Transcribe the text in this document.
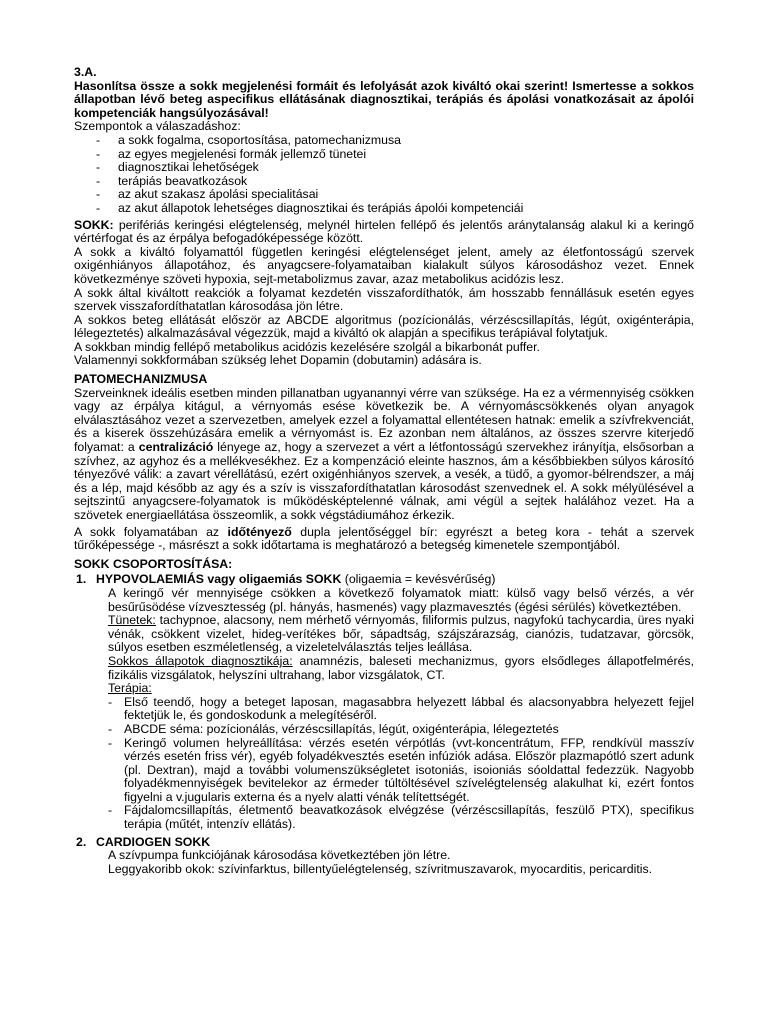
3.A.

Hasonlítsa össze a sokk megjelenési formáit és lefolyását azok kiváltó okai szerint! Ismertesse a sokkos állapotban lévő beteg aspecifikus ellátásának diagnosztikai, terápiás és ápolási vonatkozásait az ápolói kompetenciák hangsúlyozásával!

Szempontok a válaszadáshoz:

- a sokk fogalma, csoportosítása, patomechanizmusa
- az egyes megjelenési formák jellemző tünetei
- diagnosztikai lehetőségek
- terápiás beavatkozások
- az akut szakasz ápolási specialitásai
- az akut állapotok lehetséges diagnosztikai és terápiás ápolói kompetenciái

SOKK: perifériás keringési elégtelenség, melynél hirtelen fellépő és jelentős aránytalanság alakul ki a keringő vértérfogat és az érpálya befogadóképessége között.

A sokk a kiváltó folyamattól független keringési elégtelenséget jelent, amely az életfontosságú szervek oxigénhiányos állapotához, és anyagcsere-folyamataiban kialakult súlyos károsodáshoz vezet. Ennek következménye szöveti hypoxia, sejt-metabolizmus zavar, azaz metabolikus acidózis lesz.

A sokk által kiváltott reakciók a folyamat kezdetén visszafordíthatók, ám hosszabb fennállásuk esetén egyes szervek visszafordíthatatlan károsodása jön létre.

A sokkos beteg ellátását először az ABCDE algoritmus (pozícionálás, vérzéscsillapítás, légút, oxigénterápia, lélegeztetés) alkalmazásával végezzük, majd a kiváltó ok alapján a specifikus terápiával folytatjuk.

A sokkban mindig fellépő metabolikus acidózis kezelésére szolgál a bikarbonát puffer.

Valamennyi sokkformában szükség lehet Dopamin (dobutamin) adására is.

PATOMECHANIZMUSA

Szerveinknek ideális esetben minden pillanatban ugyanannyi vérre van szüksége. Ha ez a vérmennyiség csökken vagy az érpálya kitágul, a vérnyomás esése következik be. A vérnyomáscsökkenés olyan anyagok elválasztásához vezet a szervezetben, amelyek ezzel a folyamattal ellentétesen hatnak: emelik a szívfrekvenciát, és a kiserek összehúzására emelik a vérnyomást is. Ez azonban nem általános, az összes szervre kiterjedő folyamat: a centralizáció lényege az, hogy a szervezet a vért a létfontosságú szervekhez irányítja, elsősorban a szívhez, az agyhoz és a mellékvesékhez. Ez a kompenzáció eleinte hasznos, ám a későbbiekben súlyos károsító tényezővé válik: a zavart vérellátású, ezért oxigénhiányos szervek, a vesék, a tüdő, a gyomor-bélrendszer, a máj és a lép, majd később az agy és a szív is visszafordíthatatlan károsodást szenvednek el. A sokk mélyülésével a sejtszintű anyagcsere-folyamatok is működésképtelenné válnak, ami végül a sejtek halálához vezet. Ha a szövetek energiaellátása összeomlik, a sokk végstádiumához érkezik.

A sokk folyamatában az időtényező dupla jelentőséggel bír: egyrészt a beteg kora - tehát a szervek tűrőképessége -, másrészt a sokk időtartama is meghatározó a betegség kimenetele szempontjából.

SOKK CSOPORTOSÍTÁSA:

1. HYPOVOLAEMIÁS vagy oligaemiás SOKK (oligaemia = kevésvérűség)

A keringő vér mennyisége csökken a következő folyamatok miatt: külső vagy belső vérzés, a vér besűrűsödése vízvesztesség (pl. hányás, hasmenés) vagy plazmavesztés (égési sérülés) következtében.

Tünetek: tachypnoe, alacsony, nem mérhető vérnyomás, filiformis pulzus, nagyfokú tachycardia, üres nyaki vénák, csökkent vizelet, hideg-verítékes bőr, sápadtság, szájszárazság, cianózis, tudatzavar, görcsök, súlyos esetben eszméletlenség, a vizeletelválasztás teljes leállása.

Sokkos állapotok diagnosztikája: anamnézis, baleseti mechanizmus, gyors elsődleges állapotfelmérés, fizikális vizsgálatok, helyszíni ultrahang, labor vizsgálatok, CT.

Terápia:

- Első teendő, hogy a beteget laposan, magasabbra helyezett lábbal és alacsonyabbra helyezett fejjel fektetjük le, és gondoskodunk a melegítéséről.
- ABCDE séma: pozícionálás, vérzéscsillapítás, légút, oxigénterápia, lélegeztetés
- Keringő volumen helyreállítása: vérzés esetén vérpótlás (vvt-koncentrátum, FFP, rendkívül masszív vérzés esetén friss vér), egyéb folyadékvesztés esetén infúziók adása. Először plazmapótló szert adunk (pl. Dextran), majd a további volumenszükségletet isotoniás, isoioniás sóoldattal fedezzük. Nagyobb folyadékmennyiségek bevitelekor az érmeder túltöltésével szívelégtelenség alakulhat ki, ezért fontos figyelni a v.jugularis externa és a nyelv alatti vénák telítettségét.
- Fájdalomcsillapítás, életmentő beavatkozások elvégzése (vérzéscsillapítás, feszülő PTX), specifikus terápia (műtét, intenzív ellátás).
2. CARDIOGEN SOKK

A szívpumpa funkciójának károsodása következtében jön létre.

Leggyakoribb okok: szívinfarktus, billentyűelégtelenség, szívritmuszavarok, myocarditis, pericarditis.
